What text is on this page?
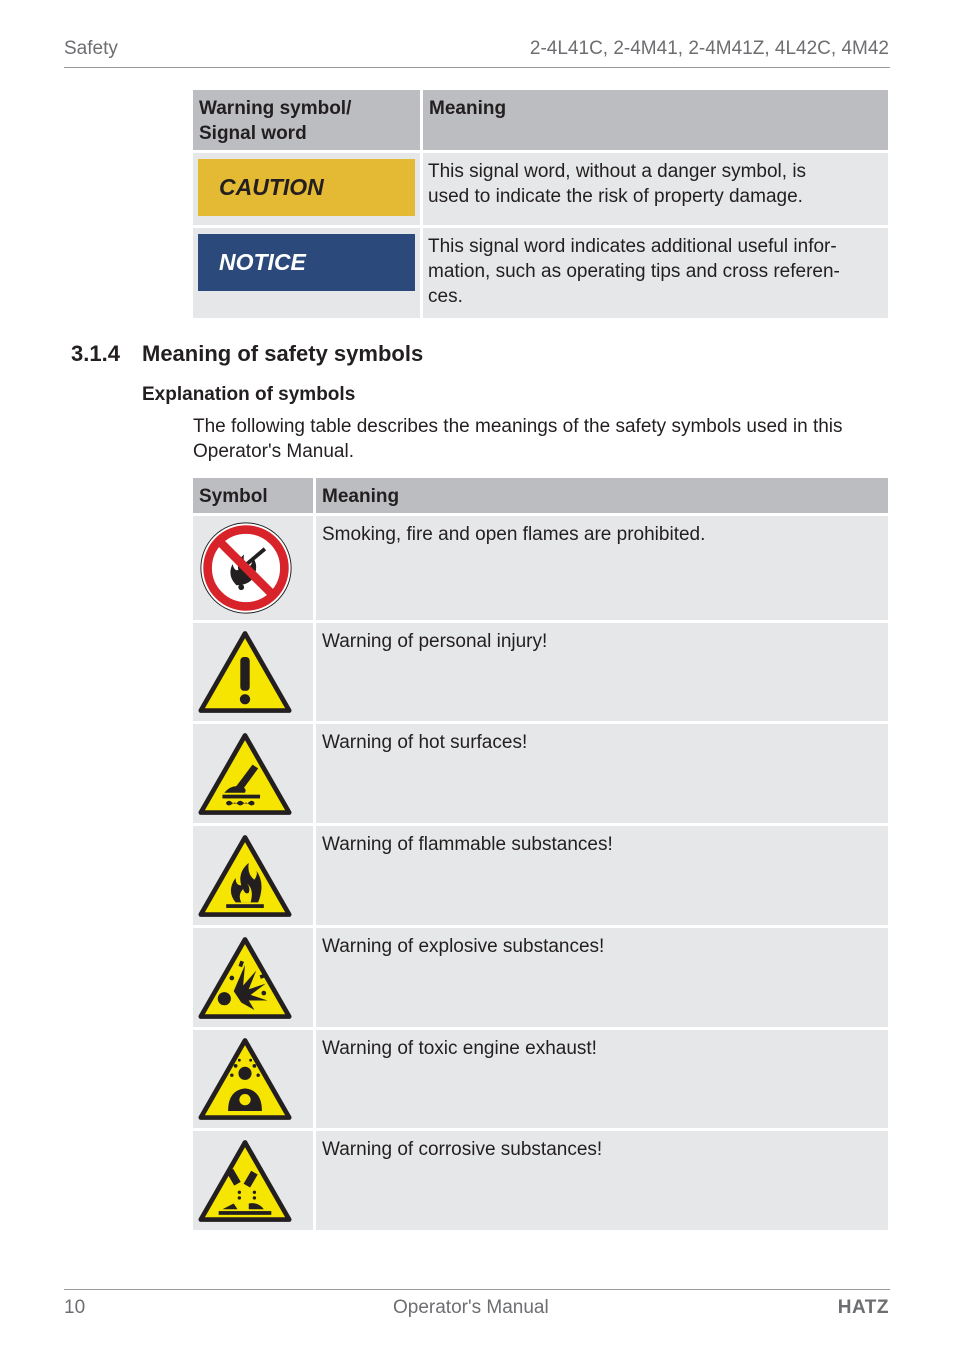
Safety	2-4L41C, 2-4M41, 2-4M41Z, 4L42C, 4M42
Warning symbol/
Signal word	Meaning

CAUTION	This signal word, without a danger symbol, is
used to indicate the risk of property damage.

NOTICE	This signal word indicates additional useful infor-
mation, such as operating tips and cross referen-
ces.
3.1.4 Meaning of safety symbols
Explanation of symbols
The following table describes the meanings of the safety symbols used in this Operator's Manual.
Symbol	Meaning

	Smoking, fire and open flames are prohibited.

	Warning of personal injury!

	Warning of hot surfaces!

	Warning of flammable substances!

	Warning of explosive substances!

	Warning of toxic engine exhaust!

	Warning of corrosive substances!
10	Operator's Manual	HATZ
